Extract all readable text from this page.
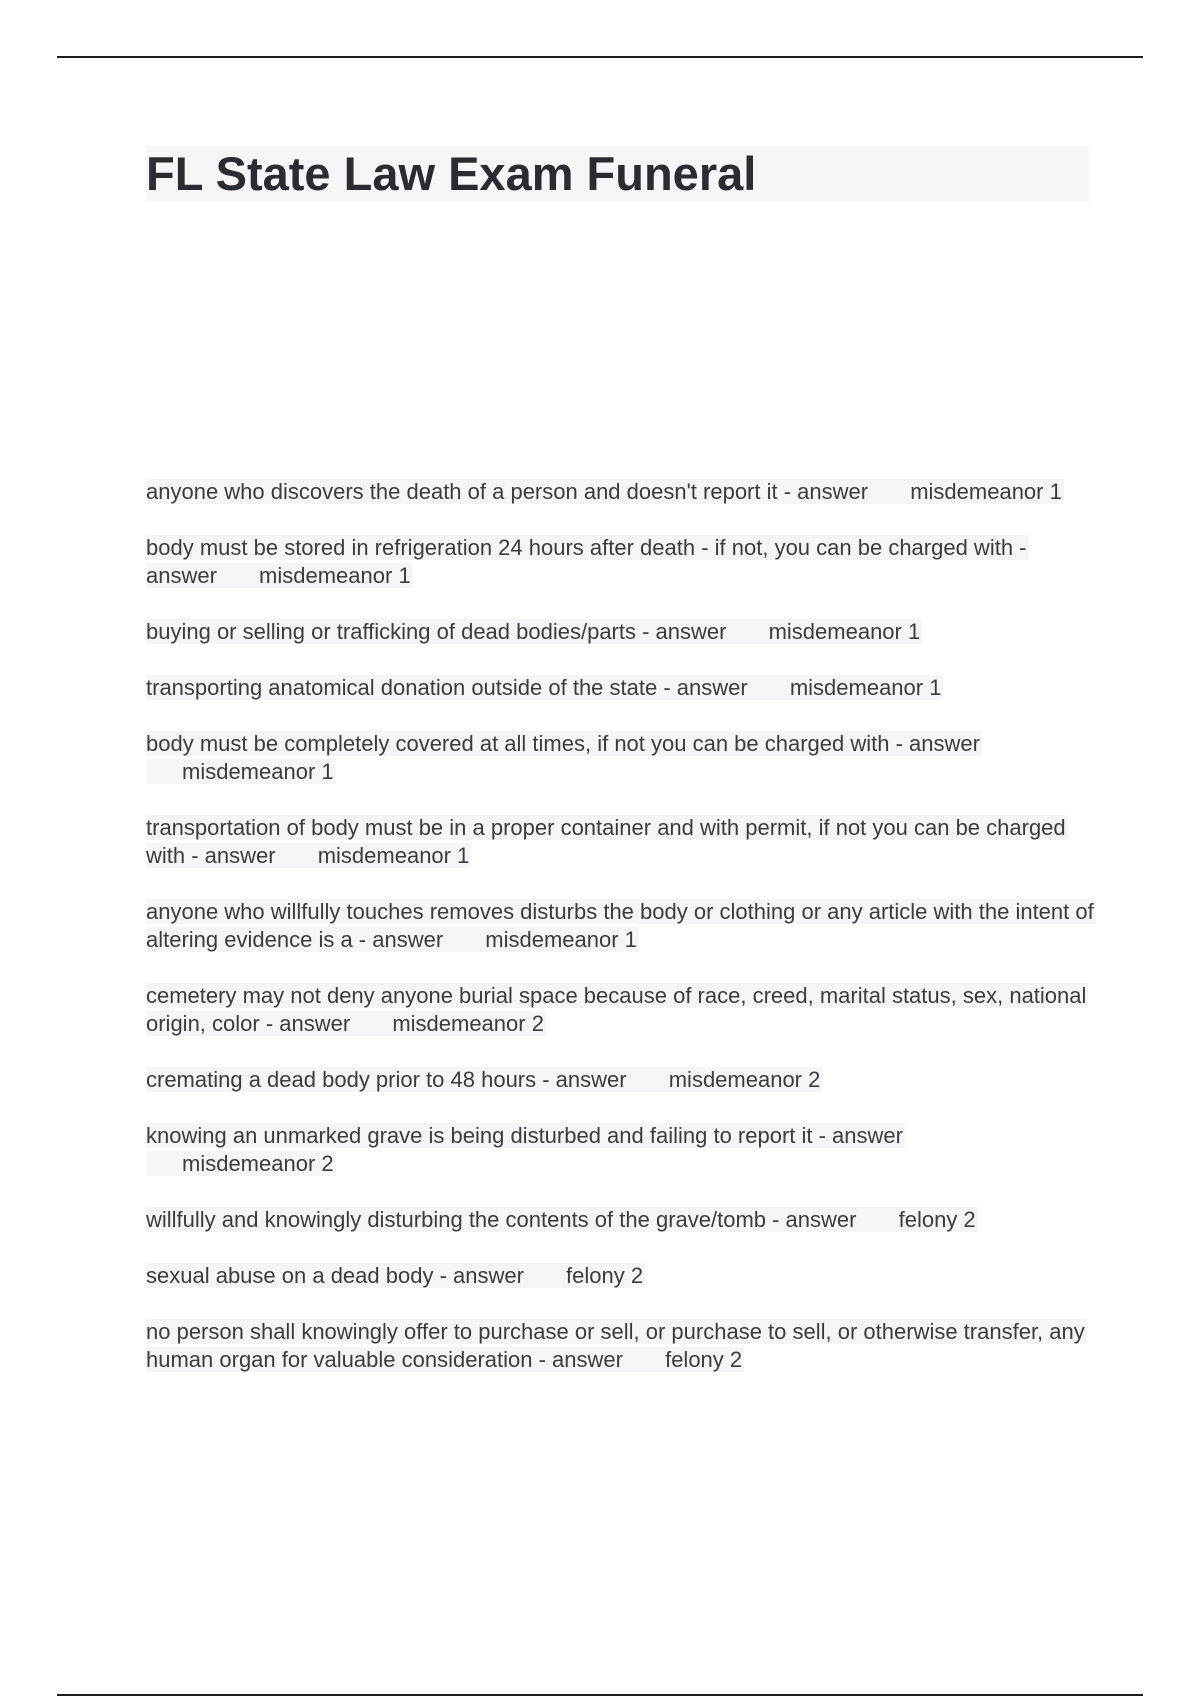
FL State Law Exam Funeral
anyone who discovers the death of a person and doesn't report it - answer misdemeanor 1
body must be stored in refrigeration 24 hours after death - if not, you can be charged with - answer misdemeanor 1
buying or selling or trafficking of dead bodies/parts - answer misdemeanor 1
transporting anatomical donation outside of the state - answer misdemeanor 1
body must be completely covered at all times, if not you can be charged with - answer misdemeanor 1
transportation of body must be in a proper container and with permit, if not you can be charged with - answer misdemeanor 1
anyone who willfully touches removes disturbs the body or clothing or any article with the intent of altering evidence is a - answer misdemeanor 1
cemetery may not deny anyone burial space because of race, creed, marital status, sex, national origin, color - answer misdemeanor 2
cremating a dead body prior to 48 hours - answer misdemeanor 2
knowing an unmarked grave is being disturbed and failing to report it - answer misdemeanor 2
willfully and knowingly disturbing the contents of the grave/tomb - answer felony 2
sexual abuse on a dead body - answer felony 2
no person shall knowingly offer to purchase or sell, or purchase to sell, or otherwise transfer, any human organ for valuable consideration - answer felony 2
